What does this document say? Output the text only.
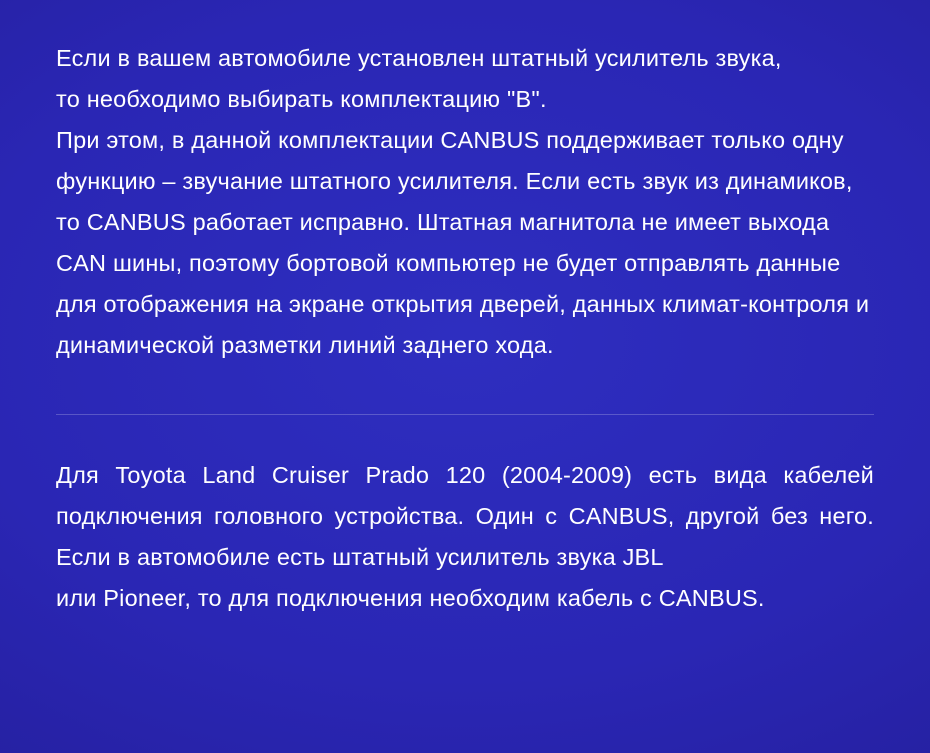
Если в вашем автомобиле установлен штатный усилитель звука,

то необходимо выбирать комплектацию "B".

При этом, в данной комплектации CANBUS поддерживает только одну функцию – звучание штатного усилителя. Если есть звук из динамиков, то CANBUS работает исправно. Штатная магнитола не имеет выхода CAN шины, поэтому бортовой компьютер не будет отправлять данные для отображения на экране открытия дверей, данных климат-контроля и динамической разметки линий заднего хода.

Для Toyota Land Cruiser Prado 120 (2004-2009) есть вида кабелей подключения головного устройства. Один с CANBUS, другой без него. Если в автомобиле есть штатный усилитель звука JBL

или Pioneer, то для подключения необходим кабель с CANBUS.
